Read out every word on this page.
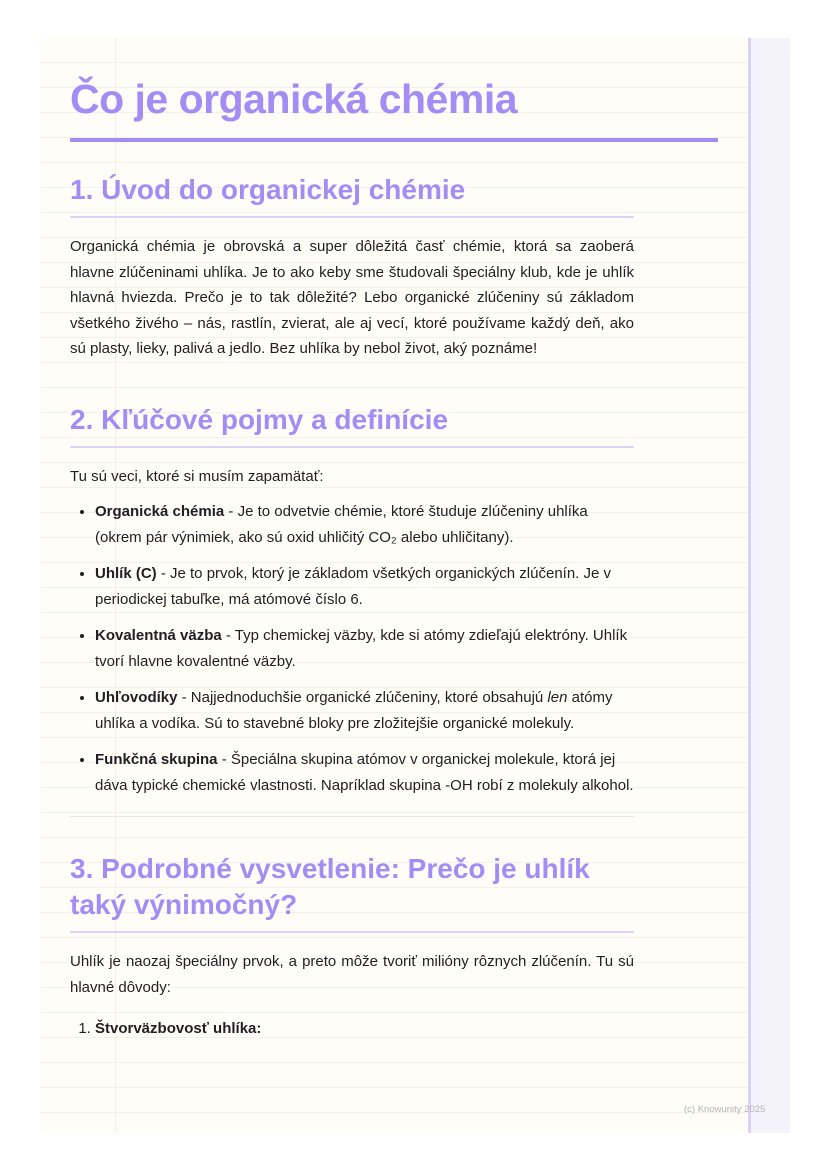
Čo je organická chémia
1. Úvod do organickej chémie

Organická chémia je obrovská a super dôležitá časť chémie, ktorá sa zaoberá hlavne zlúčeninami uhlíka. Je to ako keby sme študovali špeciálny klub, kde je uhlík hlavná hviezda. Prečo je to tak dôležité? Lebo organické zlúčeniny sú základom všetkého živého – nás, rastlín, zvierat, ale aj vecí, ktoré používame každý deň, ako sú plasty, lieky, palivá a jedlo. Bez uhlíka by nebol život, aký poznáme!

2. Kľúčové pojmy a definície

Tu sú veci, ktoré si musím zapamätať:

• Organická chémia - Je to odvetvie chémie, ktoré študuje zlúčeniny uhlíka (okrem pár výnimiek, ako sú oxid uhličitý CO₂ alebo uhličitany).
• Uhlík (C) - Je to prvok, ktorý je základom všetkých organických zlúčenín. Je v periodickej tabuľke, má atómové číslo 6.
• Kovalentná väzba - Typ chemickej väzby, kde si atómy zdieľajú elektróny. Uhlík tvorí hlavne kovalentné väzby.
• Uhľovodíky - Najjednoduchšie organické zlúčeniny, ktoré obsahujú len atómy uhlíka a vodíka. Sú to stavebné bloky pre zložitejšie organické molekuly.
• Funkčná skupina - Špeciálna skupina atómov v organickej molekule, ktorá jej dáva typické chemické vlastnosti. Napríklad skupina -OH robí z molekuly alkohol.
3. Podrobné vysvetlenie: Prečo je uhlík taký výnimočný?

Uhlík je naozaj špeciálny prvok, a preto môže tvoriť milióny rôznych zlúčenín. Tu sú hlavné dôvody:

1. Štvorväzbovosť uhlíka:
(c) Knowunity 2025
